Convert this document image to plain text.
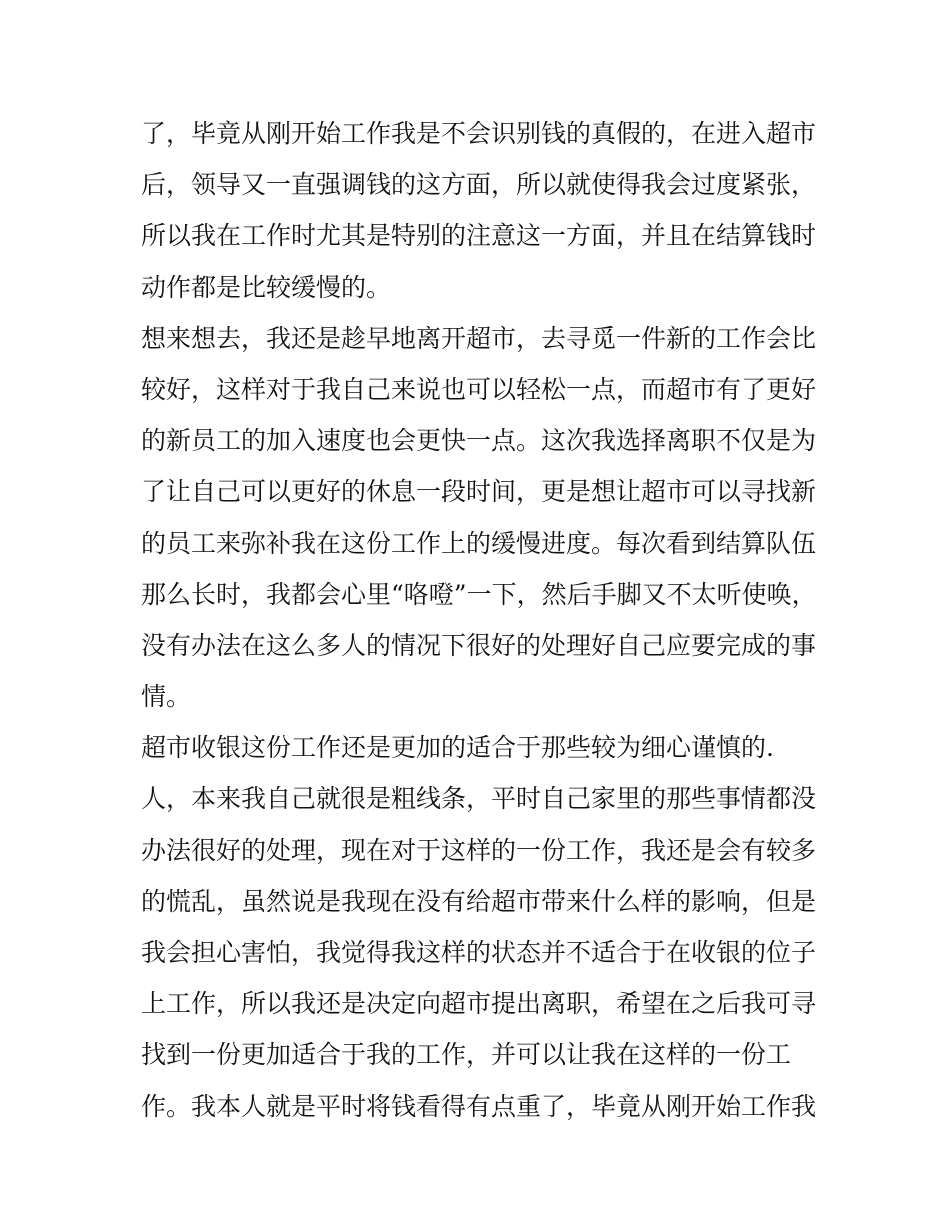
了，毕竟从刚开始工作我是不会识别钱的真假的，在进入超市
后，领导又一直强调钱的这方面，所以就使得我会过度紧张，
所以我在工作时尤其是特别的注意这一方面，并且在结算钱时
动作都是比较缓慢的。
想来想去，我还是趁早地离开超市，去寻觅一件新的工作会比
较好，这样对于我自己来说也可以轻松一点，而超市有了更好
的新员工的加入速度也会更快一点。这次我选择离职不仅是为
了让自己可以更好的休息一段时间，更是想让超市可以寻找新
的员工来弥补我在这份工作上的缓慢进度。每次看到结算队伍
那么长时，我都会心里“咯噔”一下，然后手脚又不太听使唤，
没有办法在这么多人的情况下很好的处理好自己应要完成的事
情。
超市收银这份工作还是更加的适合于那些较为细心谨慎的.
人，本来我自己就很是粗线条，平时自己家里的那些事情都没
办法很好的处理，现在对于这样的一份工作，我还是会有较多
的慌乱，虽然说是我现在没有给超市带来什么样的影响，但是
我会担心害怕，我觉得我这样的状态并不适合于在收银的位子
上工作，所以我还是决定向超市提出离职，希望在之后我可寻
找到一份更加适合于我的工作，并可以让我在这样的一份工
作。我本人就是平时将钱看得有点重了，毕竟从刚开始工作我
